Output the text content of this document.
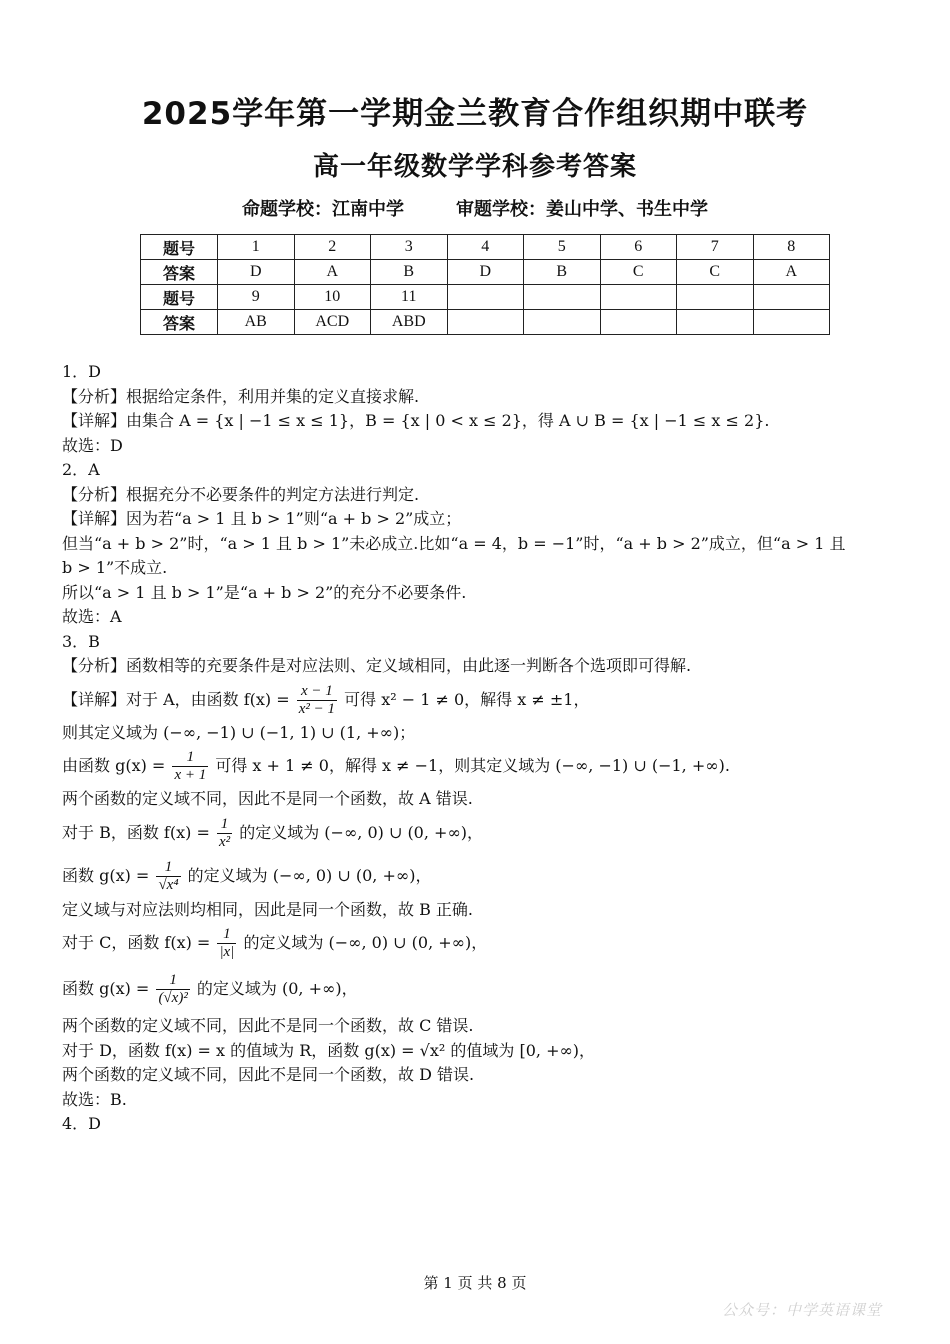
2025学年第一学期金兰教育合作组织期中联考
高一年级数学学科参考答案
命题学校：江南中学	审题学校：姜山中学、书生中学
题号	1	2	3	4	5	6	7	8
答案	D	A	B	D	B	C	C	A
题号	9	10	11					
答案	AB	ACD	ABD					
1．D
【分析】根据给定条件，利用并集的定义直接求解.
【详解】由集合 A = {x | −1 ≤ x ≤ 1}，B = {x | 0 < x ≤ 2}，得 A ∪ B = {x | −1 ≤ x ≤ 2}.
故选：D
2．A
【分析】根据充分不必要条件的判定方法进行判定.
【详解】因为若“a > 1 且 b > 1”则“a + b > 2”成立；
但当“a + b > 2”时，“a > 1 且 b > 1”未必成立.比如“a = 4，b = −1”时，“a + b > 2”成立，但“a > 1 且
b > 1”不成立.
所以“a > 1 且 b > 1”是“a + b > 2”的充分不必要条件.
故选：A
3．B
【分析】函数相等的充要条件是对应法则、定义域相同，由此逐一判断各个选项即可得解.
【详解】对于 A，由函数 $f(x) = \frac{x - 1}{\text{x² − 1}}$ 可得 x² − 1 ≠ 0，解得 x ≠ ±1，
则其定义域为 (−∞, −1) ∪ (−1, 1) ∪ (1, +∞)；
由函数 $g(x) = \frac{1}{x + 1}$ 可得 x + 1 ≠ 0，解得 x ≠ −1，则其定义域为 (−∞, −1) ∪ (−1, +∞).
两个函数的定义域不同，因此不是同一个函数，故 A 错误.
对于 B，函数 $f(x) = \frac{1}{\text{x²}}$ 的定义域为 (−∞, 0) ∪ (0, +∞)，
函数 $g(x) = \frac{1}{\text{√x⁴}}$ 的定义域为 (−∞, 0) ∪ (0, +∞)，
定义域与对应法则均相同，因此是同一个函数，故 B 正确.
对于 C，函数 $f(x) = \frac{1}{|x|}$ 的定义域为 (−∞, 0) ∪ (0, +∞)，
函数 $g(x) = \frac{1}{\text{(√x)²}}$ 的定义域为 (0, +∞)，
两个函数的定义域不同，因此不是同一个函数，故 C 错误.
对于 D，函数 f(x) = x 的值域为 R，函数 g(x) = √x² 的值域为 [0, +∞)，
两个函数的定义域不同，因此不是同一个函数，故 D 错误.
故选：B.
4．D
第 1 页 共 8 页
公众号：中学英语课堂
